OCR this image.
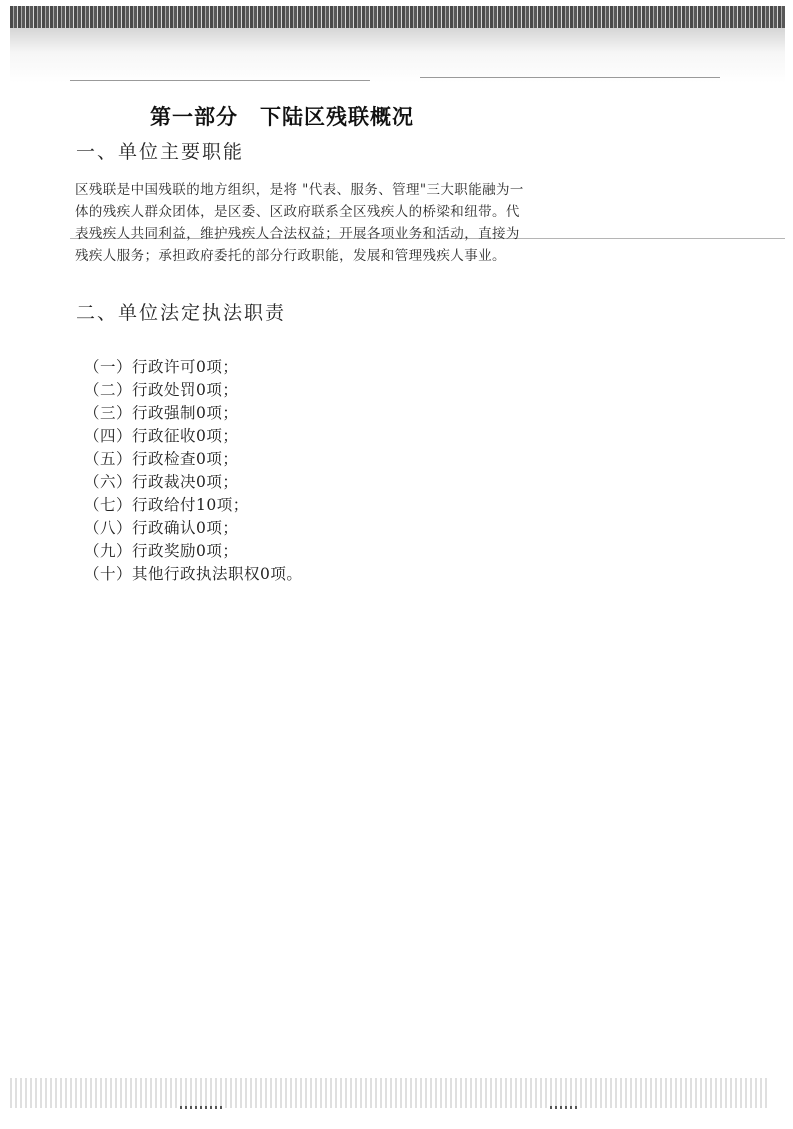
第一部分 下陆区残联概况
一、单位主要职能

区残联是中国残联的地方组织，是将 "代表、服务、管理"三大职能融为一体的残疾人群众团体，是区委、区政府联系全区残疾人的桥梁和纽带。代表残疾人共同利益，维护残疾人合法权益；开展各项业务和活动，直接为残疾人服务；承担政府委托的部分行政职能，发展和管理残疾人事业。

二、单位法定执法职责
（一）行政许可0项；
（二）行政处罚0项；
（三）行政强制0项；
（四）行政征收0项；
（五）行政检查0项；
（六）行政裁决0项；
（七）行政给付10项；
（八）行政确认0项；
（九）行政奖励0项；
（十）其他行政执法职权0项。
